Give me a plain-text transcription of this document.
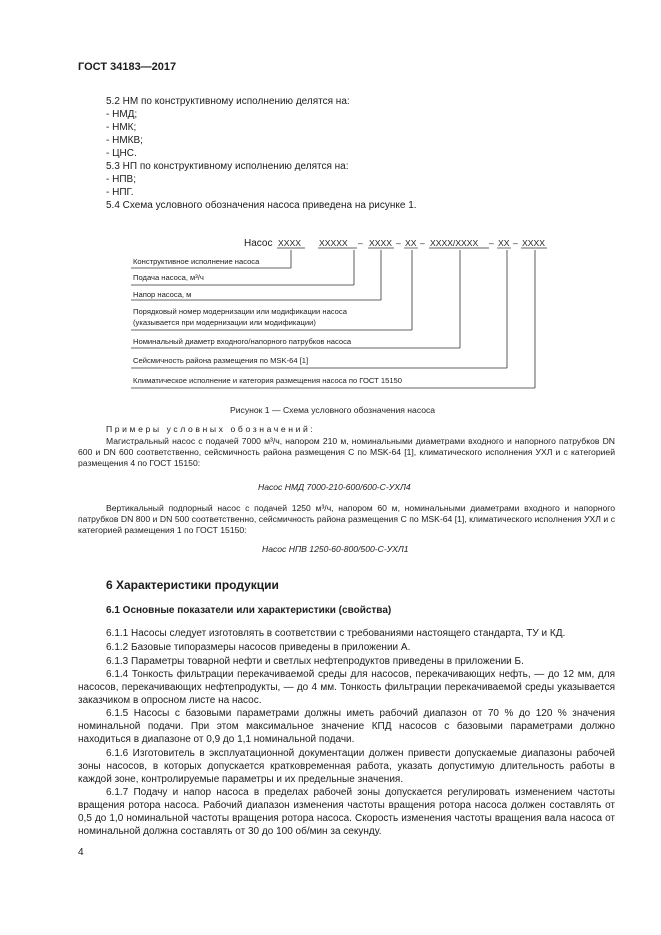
ГОСТ 34183—2017
5.2 НМ по конструктивному исполнению делятся на:
- НМД;
- НМК;
- НМКВ;
- ЦНС.
5.3 НП по конструктивному исполнению делятся на:
- НПВ;
- НПГ.
5.4 Схема условного обозначения насоса приведена на рисунке 1.
Насос ХХХХ ХХХХХ – ХХХХ – ХХ – ХХХХ/ХХХХ – ХХ – ХХХХ
Конструктивное исполнение насоса
Подача насоса, м³/ч
Напор насоса, м
Порядковый номер модернизации или модификации насоса
(указывается при модернизации или модификации)
Номинальный диаметр входного/напорного патрубков насоса
Сейсмичность района размещения по MSK-64 [1]
Климатическое исполнение и категория размещения насоса по ГОСТ 15150
Рисунок 1 — Схема условного обозначения насоса
Примеры условных обозначений:
Магистральный насос с подачей 7000 м³/ч, напором 210 м, номинальными диаметрами входного и напорного патрубков DN 600 и DN 600 соответственно, сейсмичность района размещения С по MSK-64 [1], климатического исполнения УХЛ и с категорией размещения 4 по ГОСТ 15150:
Насос НМД 7000-210-600/600-С-УХЛ4
Вертикальный подпорный насос с подачей 1250 м³/ч, напором 60 м, номинальными диаметрами входного и напорного патрубков DN 800 и DN 500 соответственно, сейсмичность района размещения С по MSK-64 [1], климатического исполнения УХЛ и с категорией размещения 1 по ГОСТ 15150:
Насос НПВ 1250-60-800/500-С-УХЛ1
6 Характеристики продукции
6.1 Основные показатели или характеристики (свойства)
6.1.1 Насосы следует изготовлять в соответствии с требованиями настоящего стандарта, ТУ и КД.
6.1.2 Базовые типоразмеры насосов приведены в приложении А.
6.1.3 Параметры товарной нефти и светлых нефтепродуктов приведены в приложении Б.
6.1.4 Тонкость фильтрации перекачиваемой среды для насосов, перекачивающих нефть, — до 12 мм, для насосов, перекачивающих нефтепродукты, — до 4 мм. Тонкость фильтрации перекачиваемой среды указывается заказчиком в опросном листе на насос.
6.1.5 Насосы с базовыми параметрами должны иметь рабочий диапазон от 70 % до 120 % значения номинальной подачи. При этом максимальное значение КПД насосов с базовыми параметрами должно находиться в диапазоне от 0,9 до 1,1 номинальной подачи.
6.1.6 Изготовитель в эксплуатационной документации должен привести допускаемые диапазоны рабочей зоны насосов, в которых допускается кратковременная работа, указать допустимую длительность работы в каждой зоне, контролируемые параметры и их предельные значения.
6.1.7 Подачу и напор насоса в пределах рабочей зоны допускается регулировать изменением частоты вращения ротора насоса. Рабочий диапазон изменения частоты вращения ротора насоса должен составлять от 0,5 до 1,0 номинальной частоты вращения ротора насоса. Скорость изменения частоты вращения вала насоса от номинальной должна составлять от 30 до 100 об/мин за секунду.
4
